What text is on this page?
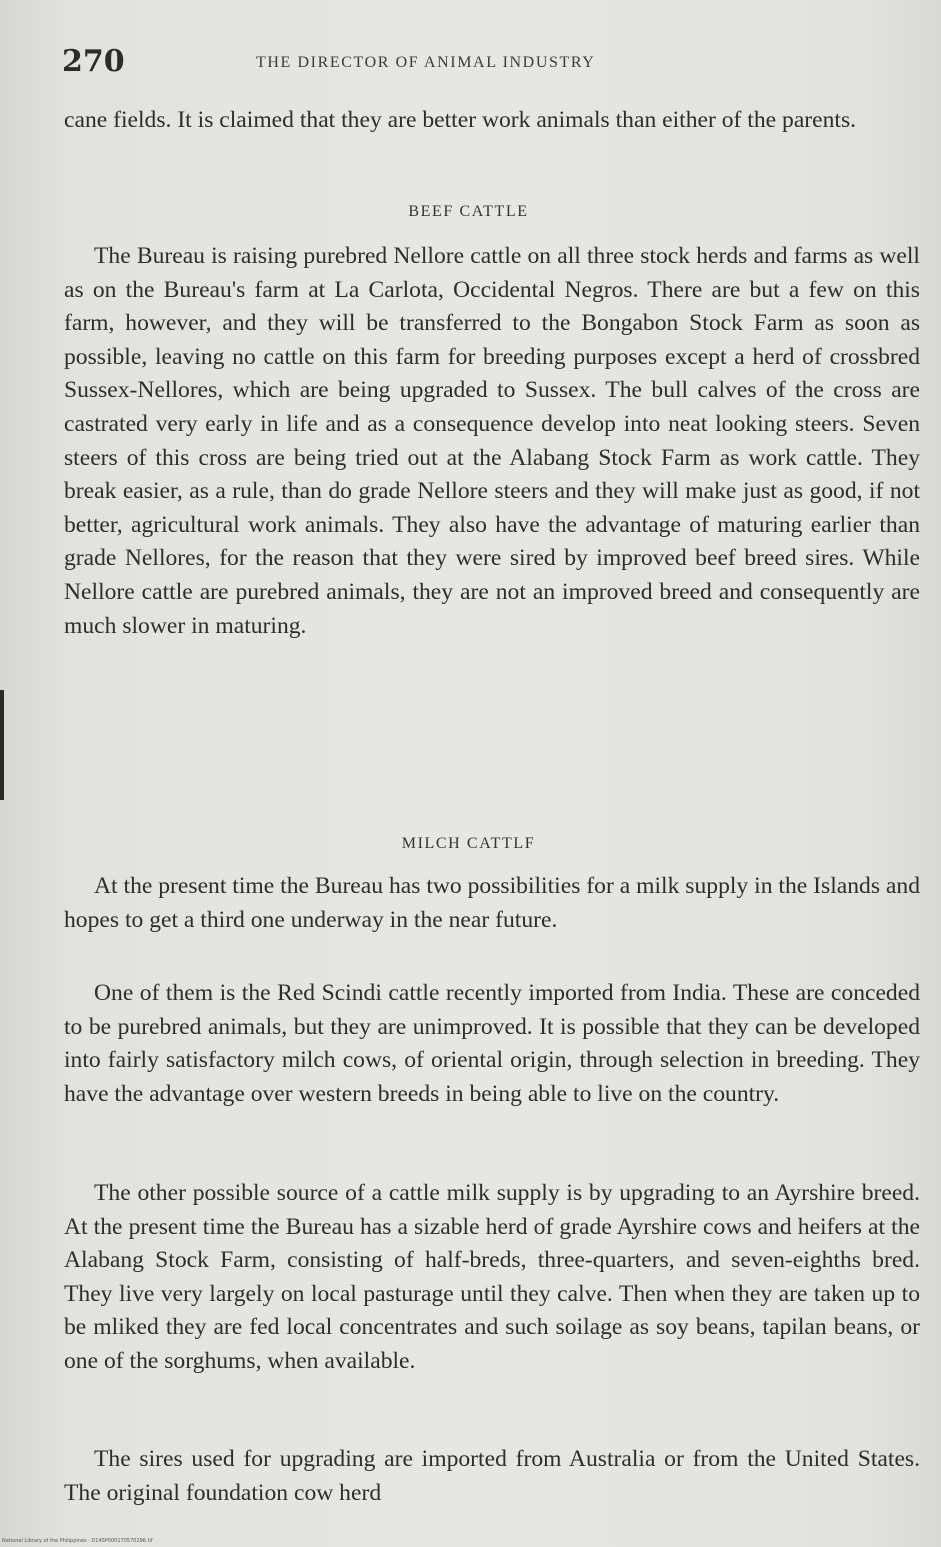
270	THE DIRECTOR OF ANIMAL INDUSTRY

cane fields. It is claimed that they are better work animals than either of the parents.

BEEF CATTLE

The Bureau is raising purebred Nellore cattle on all three stock herds and farms as well as on the Bureau's farm at La Carlota, Occidental Negros. There are but a few on this farm, however, and they will be transferred to the Bongabon Stock Farm as soon as possible, leaving no cattle on this farm for breeding purposes except a herd of crossbred Sussex-Nellores, which are being upgraded to Sussex. The bull calves of the cross are castrated very early in life and as a consequence develop into neat looking steers. Seven steers of this cross are being tried out at the Alabang Stock Farm as work cattle. They break easier, as a rule, than do grade Nellore steers and they will make just as good, if not better, agricultural work animals. They also have the advantage of maturing earlier than grade Nellores, for the reason that they were sired by improved beef breed sires. While Nellore cattle are purebred animals, they are not an improved breed and consequently are much slower in maturing.

MILCH CATTLF

At the present time the Bureau has two possibilities for a milk supply in the Islands and hopes to get a third one underway in the near future.

One of them is the Red Scindi cattle recently imported from India. These are conceded to be purebred animals, but they are unimproved. It is possible that they can be developed into fairly satisfactory milch cows, of oriental origin, through selection in breeding. They have the advantage over western breeds in being able to live on the country.

The other possible source of a cattle milk supply is by upgrading to an Ayrshire breed. At the present time the Bureau has a sizable herd of grade Ayrshire cows and heifers at the Alabang Stock Farm, consisting of half-breds, three-quarters, and seven-eighths bred. They live very largely on local pasturage until they calve. Then when they are taken up to be mliked they are fed local concentrates and such soilage as soy beans, tapilan beans, or one of the sorghums, when available.

The sires used for upgrading are imported from Australia or from the United States. The original foundation cow herd

National Library of the Philippines · D14SP000170570296.tif
